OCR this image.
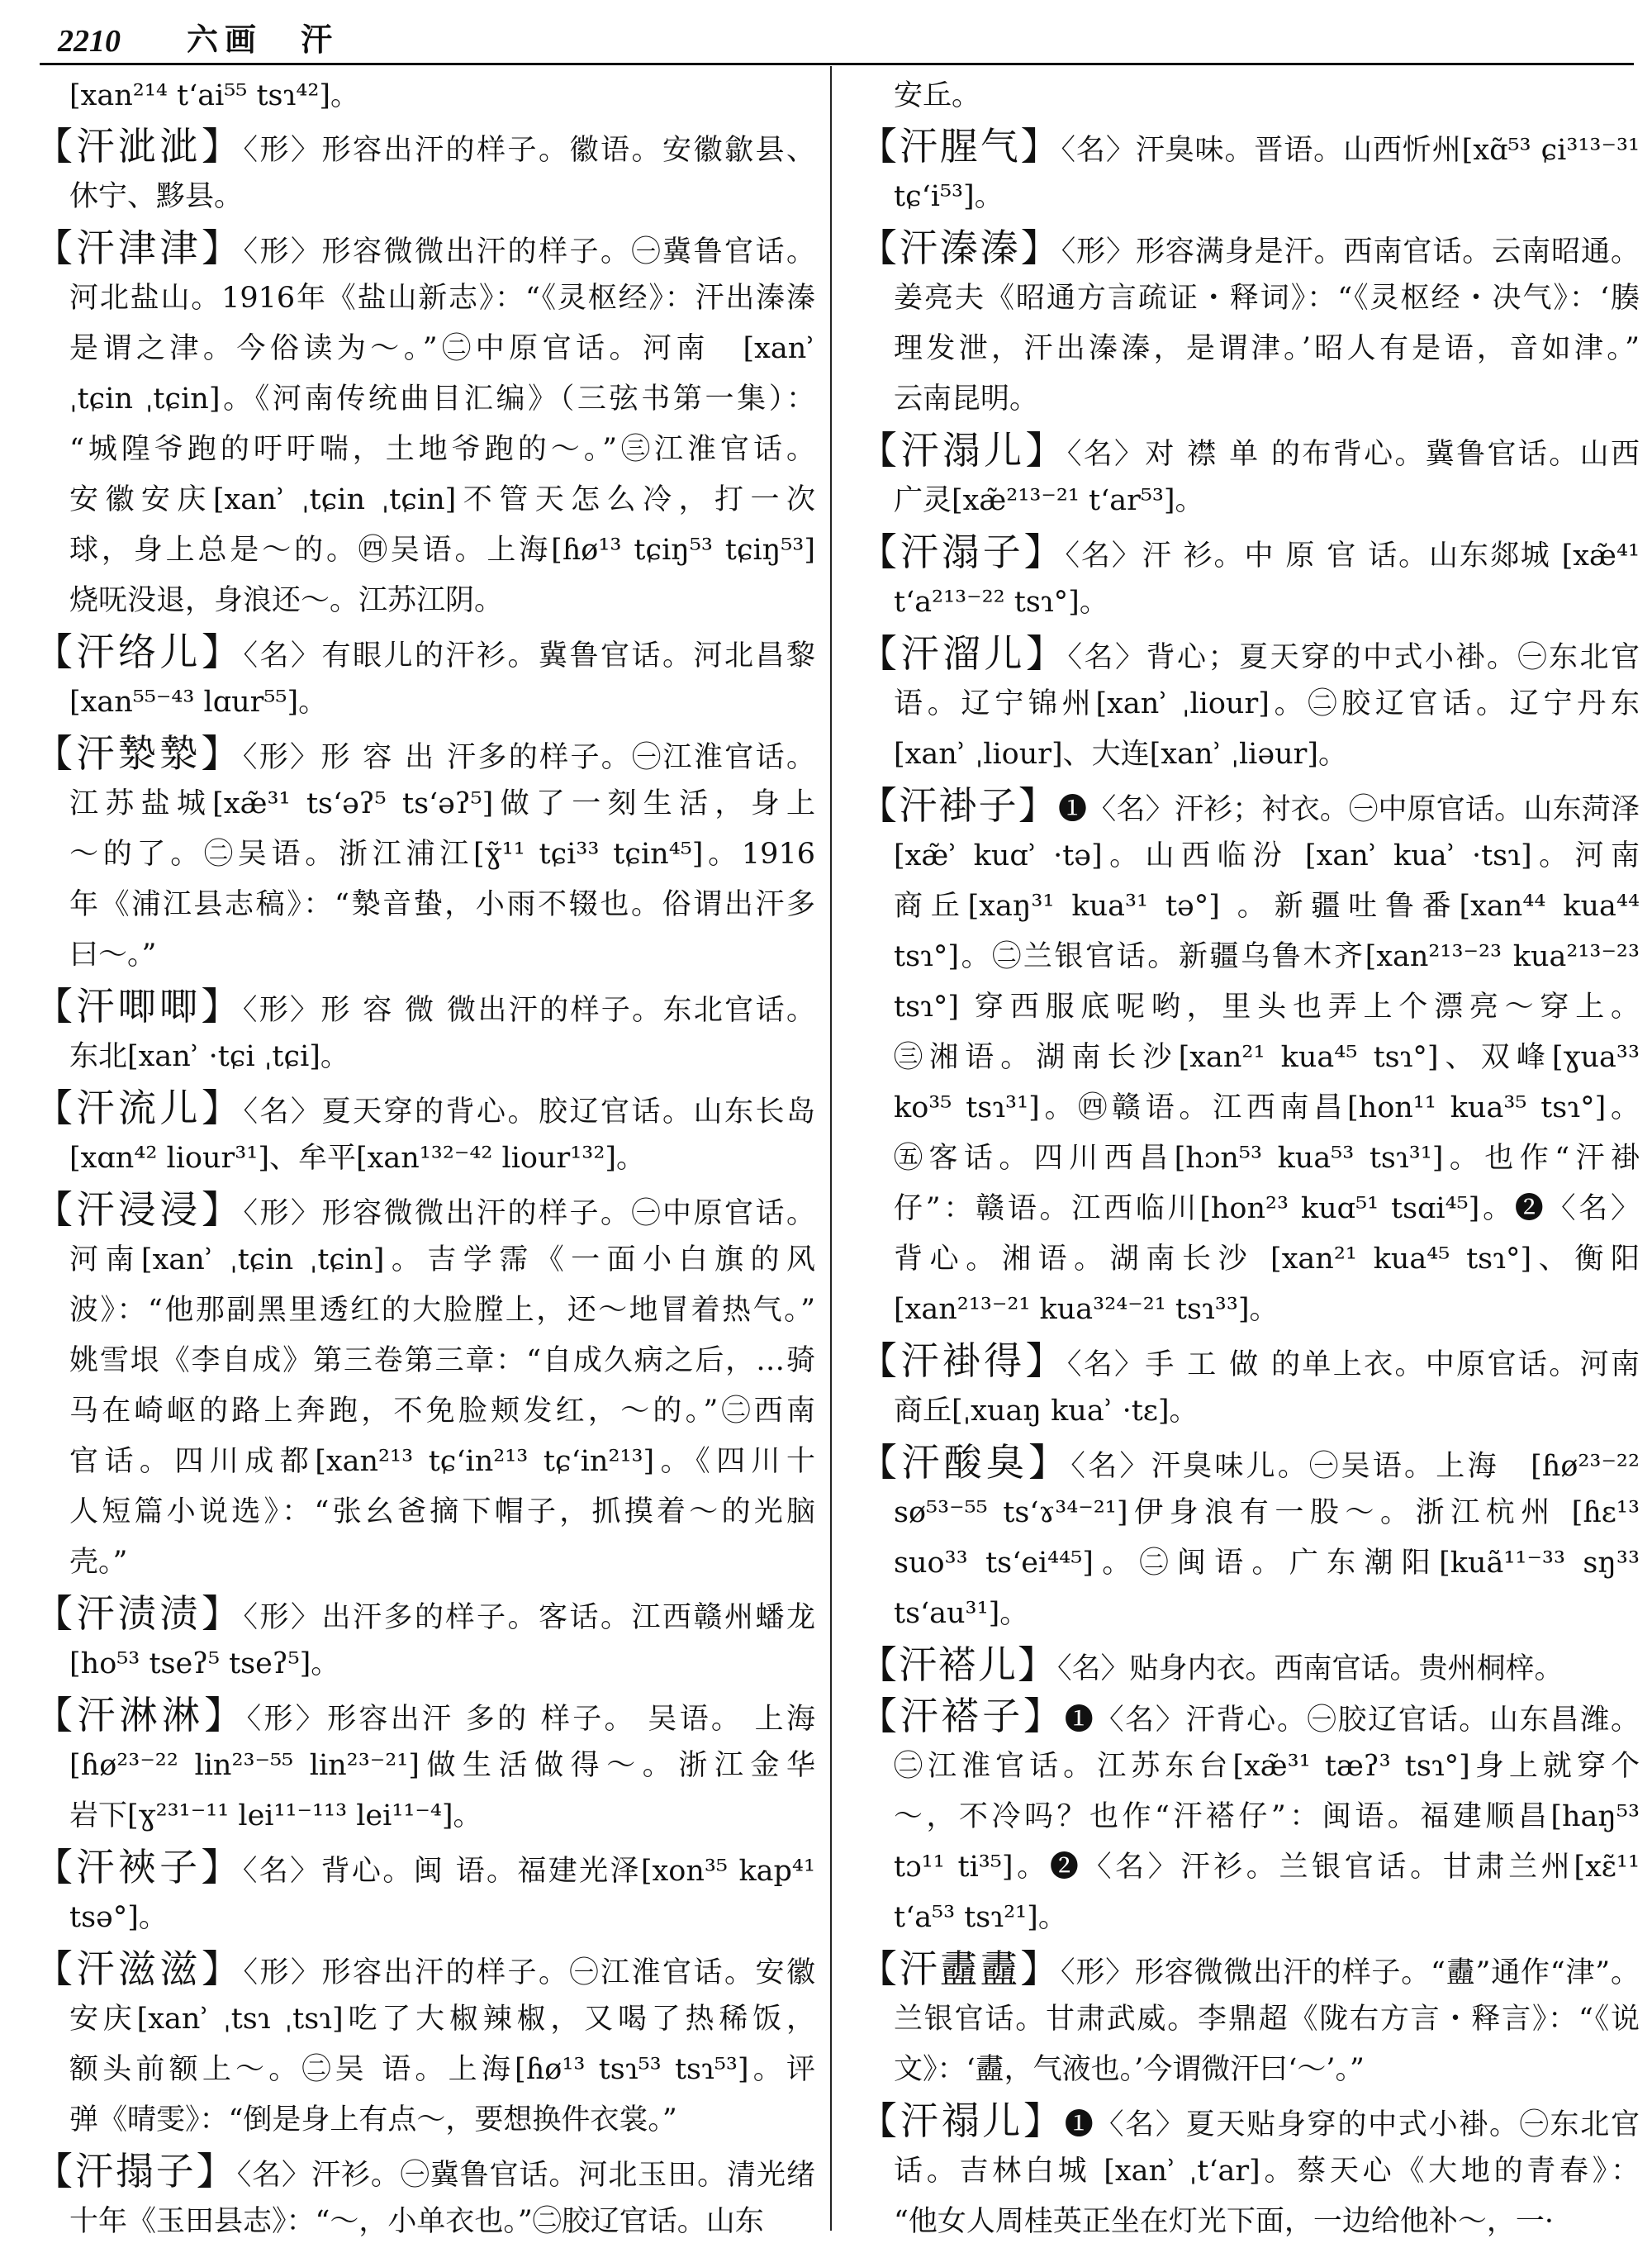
2210 六画　汗
[xan²¹⁴ t‘ai⁵⁵ tsɿ⁴²]。
【汗泚泚】〈形〉形容出汗的样子。徽语。安徽歙县、
休宁、黟县。
【汗津津】〈形〉形容微微出汗的样子。㊀冀鲁官话。
河北盐山。1916年《盐山新志》：“《灵枢经》：汗出溱溱
是谓之津。今俗读为～。”㊁中原官话。河南　[xanʾ
ˌtɕin ˌtɕin]。《河南传统曲目汇编》（三弦书第一集）：
“城隍爷跑的吁吁喘，土地爷跑的～。”㊂江淮官话。
安徽安庆[xanʾ ˌtɕin ˌtɕin]不管天怎么冷，打一次
球，身上总是～的。㊃吴语。上海[ɦø¹³ tɕiŋ⁵³ tɕiŋ⁵³]
烧呒没退，身浪还～。江苏江阴。
【汗络儿】〈名〉有眼儿的汗衫。冀鲁官话。河北昌黎
[xan⁵⁵⁻⁴³ lɑur⁵⁵]。
【汗漐漐】〈形〉形 容 出 汗多的样子。㊀江淮官话。
江苏盐城[xæ̃³¹ ts‘əʔ⁵ ts‘əʔ⁵]做了一刻生活，身上
～的了。㊁吴语。浙江浦江[ɣ̃¹¹ tɕi³³ tɕin⁴⁵]。1916
年《浦江县志稿》：“漐音蛰，小雨不辍也。俗谓出汗多
曰～。”
【汗唧唧】〈形〉形 容 微 微出汗的样子。东北官话。
东北[xanʾ ·tɕi ˌtɕi]。
【汗流儿】〈名〉夏天穿的背心。胶辽官话。山东长岛
[xɑn⁴² liour³¹]、牟平[xan¹³²⁻⁴² liour¹³²]。
【汗浸浸】〈形〉形容微微出汗的样子。㊀中原官话。
河南[xanʾ ˌtɕin ˌtɕin]。吉学霈《一面小白旗的风
波》：“他那副黑里透红的大脸膛上，还～地冒着热气。”
姚雪垠《李自成》第三卷第三章：“自成久病之后，…骑
马在崎岖的路上奔跑，不免脸颊发红，～的。”㊁西南
官话。四川成都[xan²¹³ tɕ‘in²¹³ tɕ‘in²¹³]。《四川十
人短篇小说选》：“张幺爸摘下帽子，抓摸着～的光脑
壳。”
【汗渍渍】〈形〉出汗多的样子。客话。江西赣州蟠龙
[ho⁵³ tseʔ⁵ tseʔ⁵]。
【汗淋淋】〈形〉形容出汗 多的 样子。 吴语。 上海
[ɦø²³⁻²² lin²³⁻⁵⁵ lin²³⁻²¹]做生活做得～。浙江金华
岩下[ɣ²³¹⁻¹¹ lei¹¹⁻¹¹³ lei¹¹⁻⁴]。
【汗裌子】〈名〉背心。闽 语。福建光泽[xon³⁵ kap⁴¹
tsə°]。
【汗滋滋】〈形〉形容出汗的样子。㊀江淮官话。安徽
安庆[xanʾ ˌtsɿ ˌtsɿ]吃了大椒辣椒，又喝了热稀饭，
额头前额上～。㊁吴 语。上海[ɦø¹³ tsɿ⁵³ tsɿ⁵³]。评
弹《晴雯》：“倒是身上有点～，要想换件衣裳。”
【汗搨子】〈名〉汗衫。㊀冀鲁官话。河北玉田。清光绪
十年《玉田县志》：“～，小单衣也。”㊁胶辽官话。山东
安丘。
【汗腥气】〈名〉汗臭味。晋语。山西忻州[xɑ̃⁵³ ɕi³¹³⁻³¹
tɕ‘i⁵³]。
【汗溱溱】〈形〉形容满身是汗。西南官话。云南昭通。
姜亮夫《昭通方言疏证・释词》：“《灵枢经・决气》：‘腠
理发泄，汗出溱溱，是谓津。’昭人有是语，音如津。”
云南昆明。
【汗溻儿】〈名〉对 襟 单 的布背心。冀鲁官话。山西
广灵[xæ̃²¹³⁻²¹ t‘ar⁵³]。
【汗溻子】〈名〉汗 衫。中 原 官 话。山东郯城 [xæ̃⁴¹
t‘a²¹³⁻²² tsɿ°]。
【汗溜儿】〈名〉背心；夏天穿的中式小褂。㊀东北官
语。辽宁锦州[xanʾ ˌliour]。㊁胶辽官话。辽宁丹东
[xanʾ ˌliour]、大连[xanʾ ˌliəur]。
【汗褂子】❶〈名〉汗衫；衬衣。㊀中原官话。山东菏泽
[xæ̃ʾ kuɑʾ ·tə]。山西临汾 [xanʾ kuaʾ ·tsɿ]。河南
商丘[xaŋ³¹ kua³¹ tə°] 。新疆吐鲁番[xan⁴⁴ kua⁴⁴
tsɿ°]。㊁兰银官话。新疆乌鲁木齐[xan²¹³⁻²³ kua²¹³⁻²³
tsɿ°] 穿西服底呢哟，里头也弄上个漂亮～穿上。
㊂湘语。湖南长沙[xan²¹ kua⁴⁵ tsɿ°]、双峰[ɣua³³
ko³⁵ tsɿ³¹]。㊃赣语。江西南昌[hon¹¹ kua³⁵ tsɿ°]。
㊄客话。四川西昌[hɔn⁵³ kua⁵³ tsɿ³¹]。也作“汗褂
仔”：赣语。江西临川[hon²³ kuɑ⁵¹ tsɑi⁴⁵]。❷〈名〉
背心。湘语。湖南长沙 [xan²¹ kua⁴⁵ tsɿ°]、衡阳
[xan²¹³⁻²¹ kua³²⁴⁻²¹ tsɿ³³]。
【汗褂得】〈名〉手 工 做 的单上衣。中原官话。河南
商丘[ˌxuaŋ kuaʾ ·tɛ]。
【汗酸臭】〈名〉汗臭味儿。㊀吴语。上海　[ɦø²³⁻²²
sø⁵³⁻⁵⁵ ts‘ɤ³⁴⁻²¹]伊身浪有一股～。浙江杭州 [ɦɛ¹³
suo³³ ts‘ei⁴⁴⁵]。㊁闽语。广东潮阳[kuã¹¹⁻³³ sŋ³³
ts‘au³¹]。
【汗褡儿】〈名〉贴身内衣。西南官话。贵州桐梓。
【汗褡子】❶〈名〉汗背心。㊀胶辽官话。山东昌潍。
㊁江淮官话。江苏东台[xæ̃³¹ tæʔ³ tsɿ°]身上就穿个
～，不冷吗？也作“汗褡仔”：闽语。福建顺昌[haŋ⁵³
tɔ¹¹ ti³⁵]。❷〈名〉汗衫。兰银官话。甘肃兰州[xɛ̃¹¹
t‘a⁵³ tsɿ²¹]。
【汗衋衋】〈形〉形容微微出汗的样子。“衋”通作“津”。
兰银官话。甘肃武威。李鼎超《陇右方言・释言》：“《说
文》：‘衋，气液也。’今谓微汗曰‘～’。”
【汗禢儿】❶〈名〉夏天贴身穿的中式小褂。㊀东北官
话。吉林白城 [xanʾ ˌt‘ar]。蔡天心《大地的青春》：
“他女人周桂英正坐在灯光下面，一边给他补～，一·
